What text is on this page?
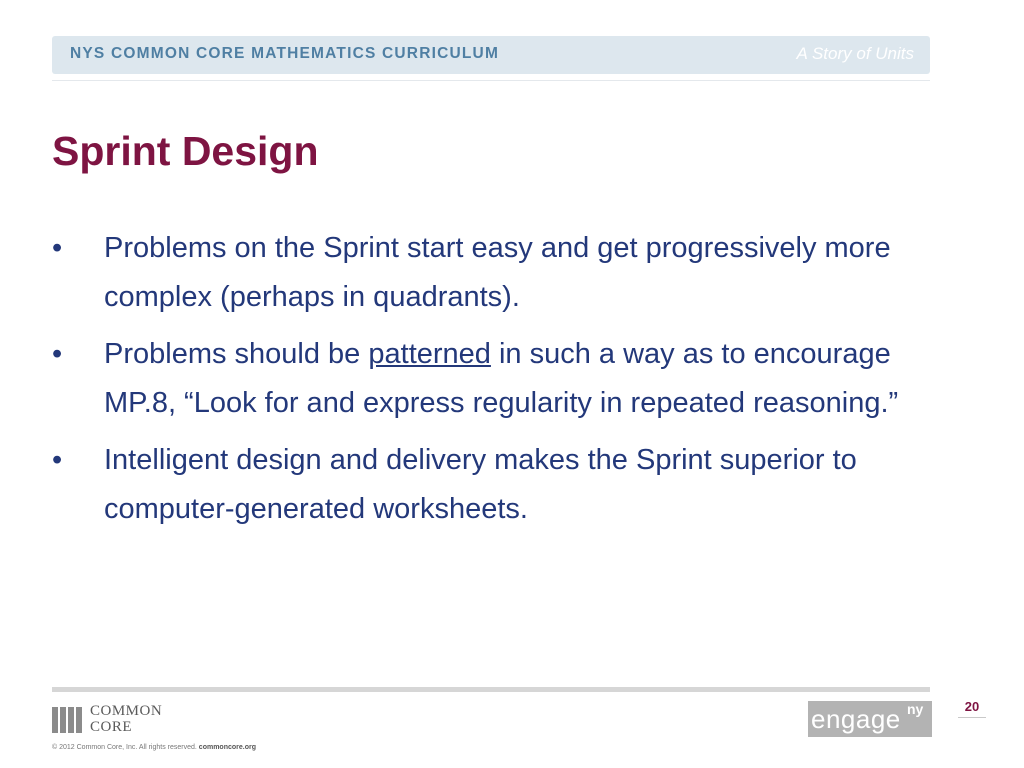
NYS COMMON CORE MATHEMATICS CURRICULUM	A Story of Units
Sprint Design
• Problems on the Sprint start easy and get progressively more complex (perhaps in quadrants).
• Problems should be patterned in such a way as to encourage MP.8, “Look for and express regularity in repeated reasoning.”
• Intelligent design and delivery makes the Sprint superior to computer-generated worksheets.
COMMON
CORE
© 2012 Common Core, Inc. All rights reserved. commoncore.org
engage ny	20
